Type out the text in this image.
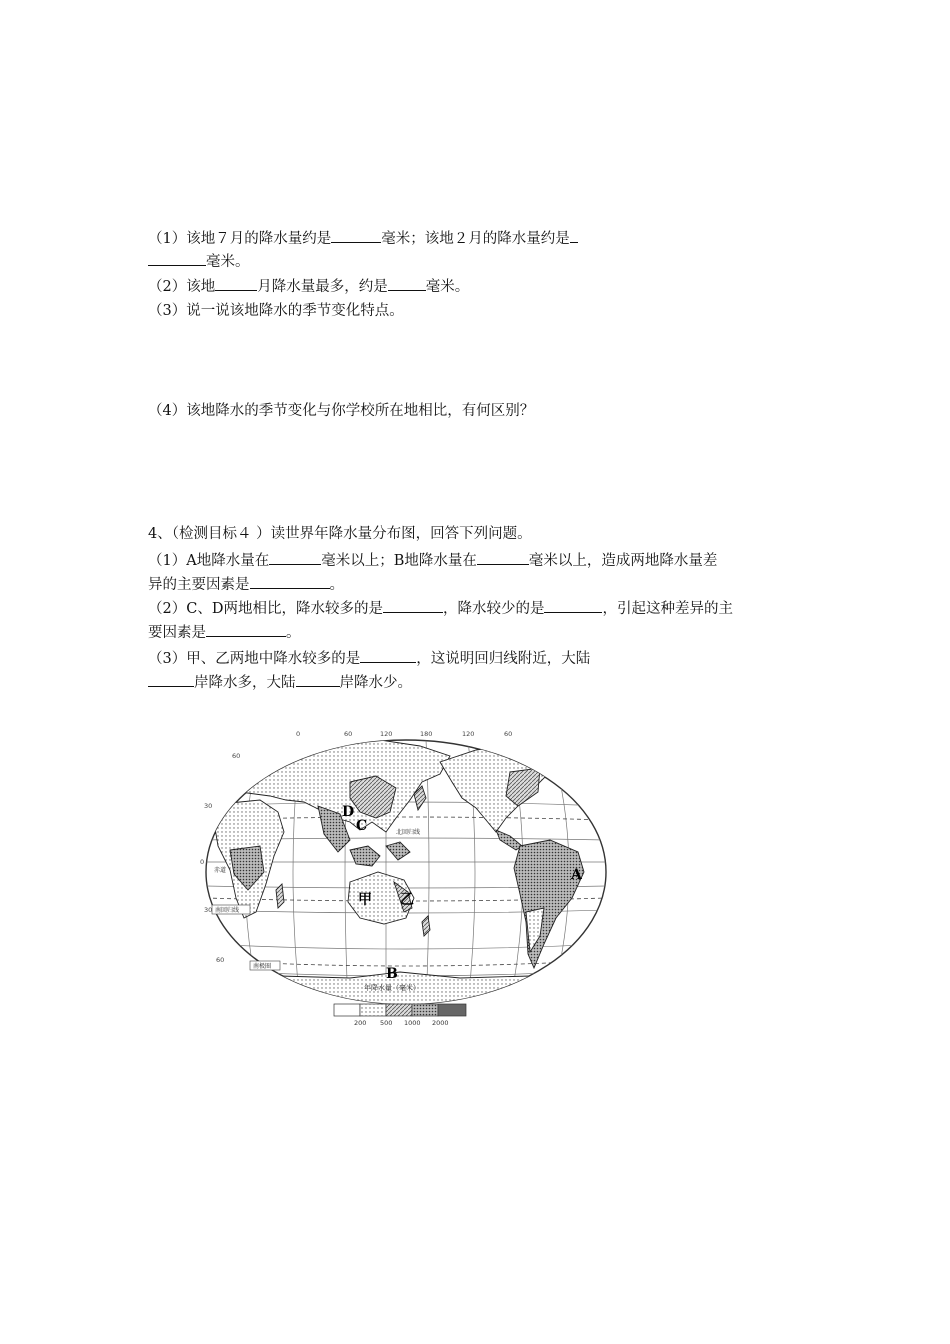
（1）该地７月的降水量约是	毫米；该地２月的降水量约是
毫米。
（2）该地	月降水量最多，约是	毫米。
（3）说一说该地降水的季节变化特点。
（4）该地降水的季节变化与你学校所在地相比，有何区别？
4、（检测目标４ ）读世界年降水量分布图，回答下列问题。
（1）A地降水量在	毫米以上；B地降水量在	毫米以上，造成两地降水量差
异的主要因素是	。
（2）C、D两地相比，降水较多的是	，降水较少的是	，引起这种差异的主
要因素是	。
（3）甲、乙两地中降水较多的是	，这说明回归线附近，大陆
岸降水多，大陆	岸降水少。
0	60	120	180	120	60
60
30
0
30
60
北回归线
赤道
南回归线
南极圈
D
C
A
甲 乙
B
年降水量（毫米）
200 500 1000 2000
